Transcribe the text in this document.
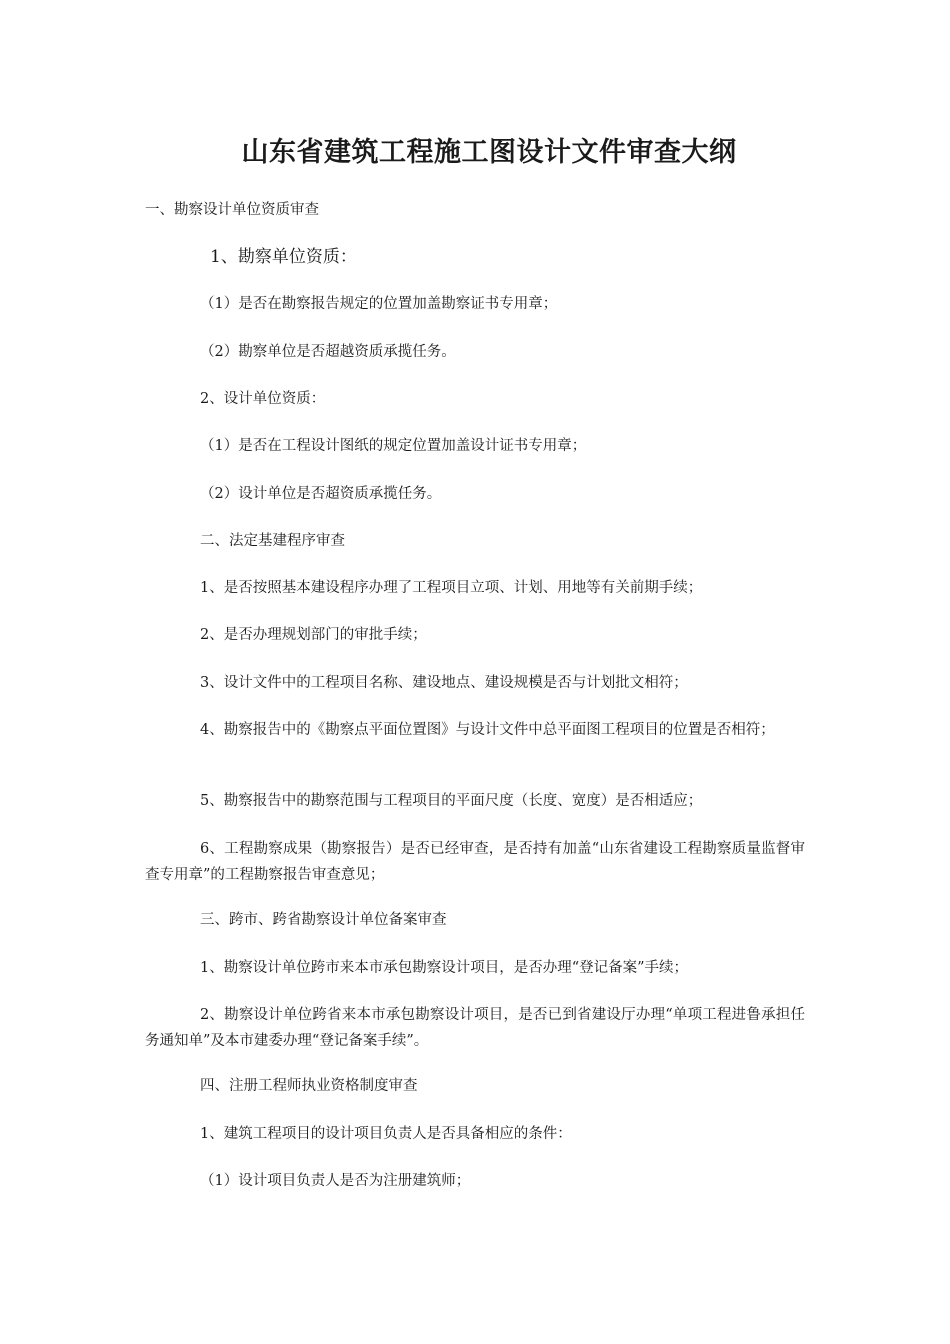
山东省建筑工程施工图设计文件审查大纲
一、勘察设计单位资质审查
1、勘察单位资质：
（1）是否在勘察报告规定的位置加盖勘察证书专用章；
（2）勘察单位是否超越资质承揽任务。
2、设计单位资质：
（1）是否在工程设计图纸的规定位置加盖设计证书专用章；
（2）设计单位是否超资质承揽任务。
二、法定基建程序审查
1、是否按照基本建设程序办理了工程项目立项、计划、用地等有关前期手续；
2、是否办理规划部门的审批手续；
3、设计文件中的工程项目名称、建设地点、建设规模是否与计划批文相符；
4、勘察报告中的《勘察点平面位置图》与设计文件中总平面图工程项目的位置是否相符；
5、勘察报告中的勘察范围与工程项目的平面尺度（长度、宽度）是否相适应；
6、工程勘察成果（勘察报告）是否已经审查，是否持有加盖“山东省建设工程勘察质量监督审查专用章”的工程勘察报告审查意见；
三、跨市、跨省勘察设计单位备案审查
1、勘察设计单位跨市来本市承包勘察设计项目，是否办理“登记备案”手续；
2、勘察设计单位跨省来本市承包勘察设计项目，是否已到省建设厅办理“单项工程进鲁承担任务通知单”及本市建委办理“登记备案手续”。
四、注册工程师执业资格制度审查
1、建筑工程项目的设计项目负责人是否具备相应的条件：
（1）设计项目负责人是否为注册建筑师；
